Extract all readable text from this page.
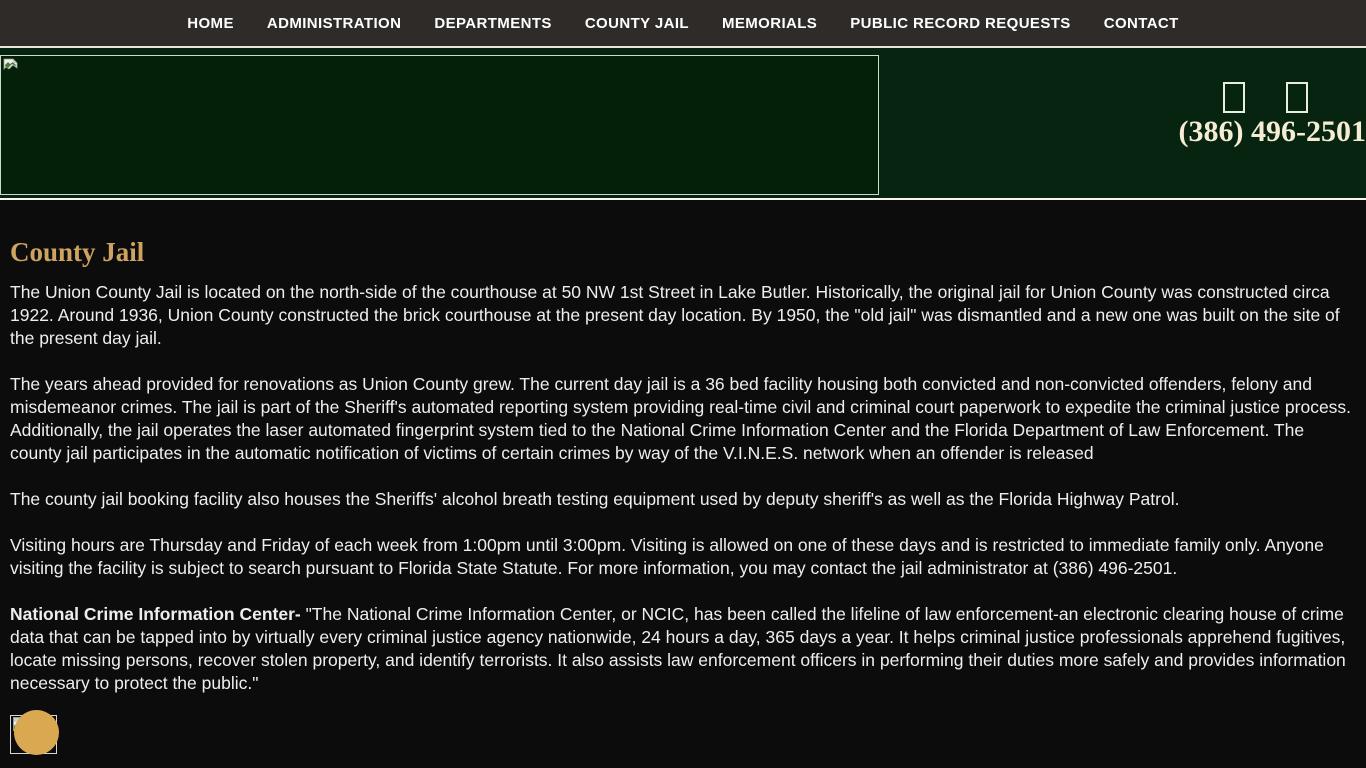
HOME ADMINISTRATION DEPARTMENTS COUNTY JAIL MEMORIALS PUBLIC RECORD REQUESTS CONTACT
(386) 496-2501
County Jail

The Union County Jail is located on the north-side of the courthouse at 50 NW 1st Street in Lake Butler. Historically, the original jail for Union County was constructed circa 1922. Around 1936, Union County constructed the brick courthouse at the present day location. By 1950, the "old jail" was dismantled and a new one was built on the site of the present day jail.

The years ahead provided for renovations as Union County grew. The current day jail is a 36 bed facility housing both convicted and non-convicted offenders, felony and misdemeanor crimes. The jail is part of the Sheriff's automated reporting system providing real-time civil and criminal court paperwork to expedite the criminal justice process. Additionally, the jail operates the laser automated fingerprint system tied to the National Crime Information Center and the Florida Department of Law Enforcement. The county jail participates in the automatic notification of victims of certain crimes by way of the V.I.N.E.S. network when an offender is released

The county jail booking facility also houses the Sheriffs' alcohol breath testing equipment used by deputy sheriff's as well as the Florida Highway Patrol.

Visiting hours are Thursday and Friday of each week from 1:00pm until 3:00pm. Visiting is allowed on one of these days and is restricted to immediate family only. Anyone visiting the facility is subject to search pursuant to Florida State Statute. For more information, you may contact the jail administrator at (386) 496-2501.

National Crime Information Center- "The National Crime Information Center, or NCIC, has been called the lifeline of law enforcement-an electronic clearing house of crime data that can be tapped into by virtually every criminal justice agency nationwide, 24 hours a day, 365 days a year. It helps criminal justice professionals apprehend fugitives, locate missing persons, recover stolen property, and identify terrorists. It also assists law enforcement officers in performing their duties more safely and provides information necessary to protect the public."
